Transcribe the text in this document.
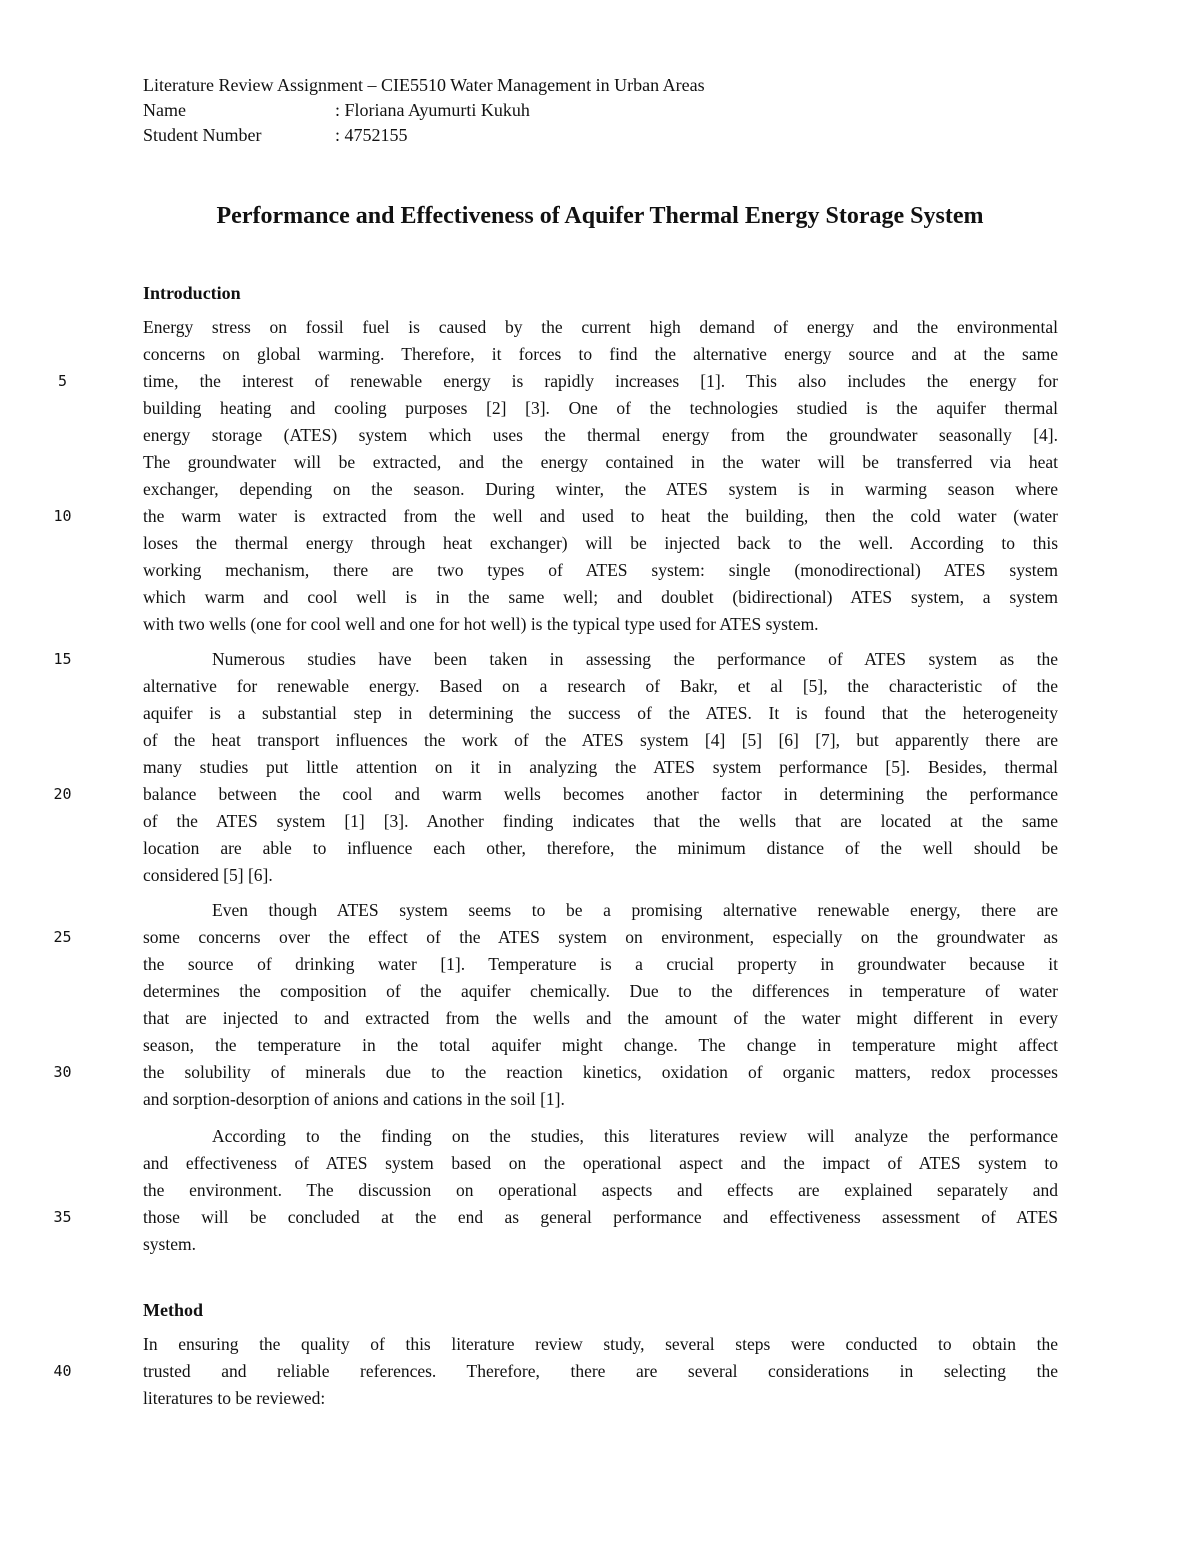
Literature Review Assignment – CIE5510 Water Management in Urban Areas
Name	: Floriana Ayumurti Kukuh
Student Number	: 4752155
Performance and Effectiveness of Aquifer Thermal Energy Storage System
Introduction
Energy stress on fossil fuel is caused by the current high demand of energy and the environmental
concerns on global warming. Therefore, it forces to find the alternative energy source and at the same
time, the interest of renewable energy is rapidly increases [1]. This also includes the energy for
building heating and cooling purposes [2] [3]. One of the technologies studied is the aquifer thermal
energy storage (ATES) system which uses the thermal energy from the groundwater seasonally [4].
The groundwater will be extracted, and the energy contained in the water will be transferred via heat
exchanger, depending on the season. During winter, the ATES system is in warming season where
the warm water is extracted from the well and used to heat the building, then the cold water (water
loses the thermal energy through heat exchanger) will be injected back to the well. According to this
working mechanism, there are two types of ATES system: single (monodirectional) ATES system
which warm and cool well is in the same well; and doublet (bidirectional) ATES system, a system
with two wells (one for cool well and one for hot well) is the typical type used for ATES system.
Numerous studies have been taken in assessing the performance of ATES system as the
alternative for renewable energy. Based on a research of Bakr, et al [5], the characteristic of the
aquifer is a substantial step in determining the success of the ATES. It is found that the heterogeneity
of the heat transport influences the work of the ATES system [4] [5] [6] [7], but apparently there are
many studies put little attention on it in analyzing the ATES system performance [5]. Besides, thermal
balance between the cool and warm wells becomes another factor in determining the performance
of the ATES system [1] [3]. Another finding indicates that the wells that are located at the same
location are able to influence each other, therefore, the minimum distance of the well should be
considered [5] [6].
Even though ATES system seems to be a promising alternative renewable energy, there are
some concerns over the effect of the ATES system on environment, especially on the groundwater as
the source of drinking water [1]. Temperature is a crucial property in groundwater because it
determines the composition of the aquifer chemically. Due to the differences in temperature of water
that are injected to and extracted from the wells and the amount of the water might different in every
season, the temperature in the total aquifer might change. The change in temperature might affect
the solubility of minerals due to the reaction kinetics, oxidation of organic matters, redox processes
and sorption-desorption of anions and cations in the soil [1].
According to the finding on the studies, this literatures review will analyze the performance
and effectiveness of ATES system based on the operational aspect and the impact of ATES system to
the environment. The discussion on operational aspects and effects are explained separately and
those will be concluded at the end as general performance and effectiveness assessment of ATES
system.
Method
In ensuring the quality of this literature review study, several steps were conducted to obtain the
trusted and reliable references. Therefore, there are several considerations in selecting the
literatures to be reviewed:
5
10
15
20
25
30
35
40
